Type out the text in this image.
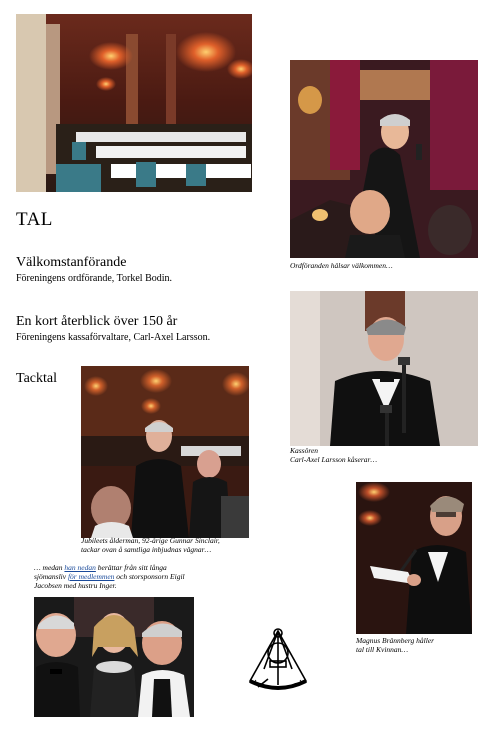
Ordföranden hälsar välkommen…
TAL
Välkomstanförande
Föreningens ordförande, Torkel Bodin.
En kort återblick över 150 år
Föreningens kassaförvaltare, Carl-Axel Larsson.
Tacktal
Kassören
Carl-Axel Larsson kåserar…
Jubileets ålderman, 92-årige Gunnar Sinclair,
tackar ovan å samtliga inbjudnas vägnar…
… medan han nedan berättar från sitt långa sjömansliv för medlemmen och storsponsorn Eigil Jacobsen med hustru Inger.
Magnus Brännberg håller
tal till Kvinnan…
